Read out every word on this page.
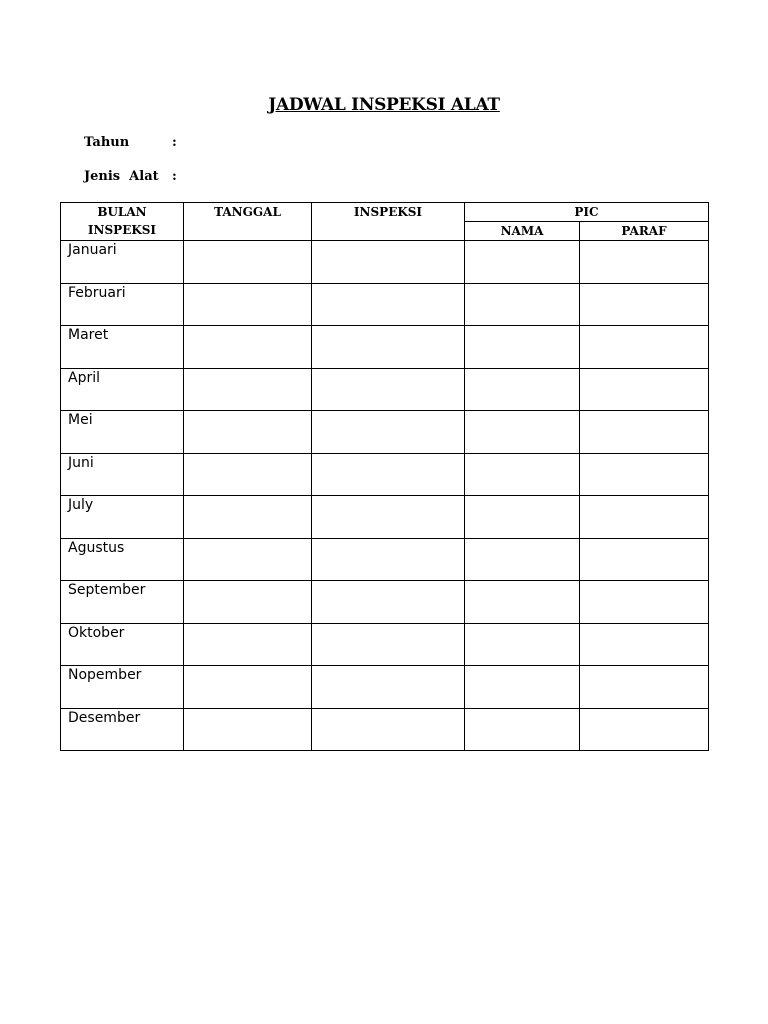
JADWAL INSPEKSI ALAT
Tahun	:
Jenis  Alat :
BULAN
INSPEKSI	TANGGAL	INSPEKSI	PIC	
			NAMA	PARAF
Januari				
Februari				
Maret				
April				
Mei				
Juni				
July				
Agustus				
September				
Oktober				
Nopember				
Desember				
